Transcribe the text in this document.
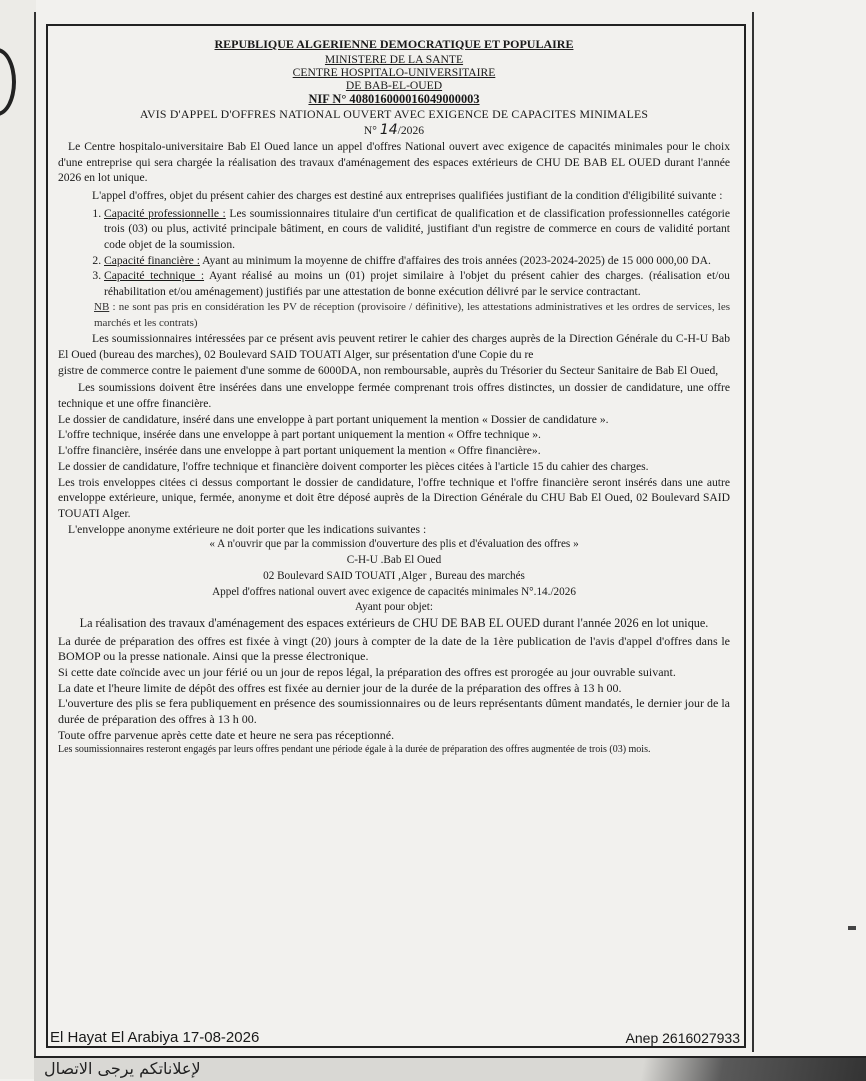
REPUBLIQUE ALGERIENNE DEMOCRATIQUE ET POPULAIRE

MINISTERE DE LA SANTE

CENTRE HOSPITALO-UNIVERSITAIRE

DE BAB-EL-OUED

NIF N° 408016000016049000003

AVIS D'APPEL D'OFFRES NATIONAL OUVERT AVEC EXIGENCE DE CAPACITES MINIMALES

N° 14/2026

Le Centre hospitalo-universitaire Bab El Oued lance un appel d'offres National ouvert avec exigence de capacités minimales pour le choix d'une entreprise qui sera chargée la réalisation des travaux d'aménagement des espaces extérieurs de CHU DE BAB EL OUED durant l'année 2026 en lot unique.

L'appel d'offres, objet du présent cahier des charges est destiné aux entreprises qualifiées justifiant de la condition d'éligibilité suivante :

1. Capacité professionnelle : Les soumissionnaires titulaire d'un certificat de qualification et de classification professionnelles catégorie trois (03) ou plus, activité principale bâtiment, en cours de validité, justifiant d'un registre de commerce en cours de validité portant code objet de la soumission.
2. Capacité financière : Ayant au minimum la moyenne de chiffre d'affaires des trois années (2023-2024-2025) de 15 000 000,00 DA.
3. Capacité technique : Ayant réalisé au moins un (01) projet similaire à l'objet du présent cahier des charges. (réalisation et/ou réhabilitation et/ou aménagement) justifiés par une attestation de bonne exécution délivré par le service contractant.

NB : ne sont pas pris en considération les PV de réception (provisoire / définitive), les attestations administratives et les ordres de services, les marchés et les contrats)

Les soumissionnaires intéressées par ce présent avis peuvent retirer le cahier des charges auprès de la Direction Générale du C-H-U Bab El Oued (bureau des marches), 02 Boulevard SAID TOUATI Alger, sur présentation d'une Copie du re

gistre de commerce contre le paiement d'une somme de 6000DA, non remboursable, auprès du Trésorier du Secteur Sanitaire de Bab El Oued,

Les soumissions doivent être insérées dans une enveloppe fermée comprenant trois offres distinctes, un dossier de candidature, une offre technique et une offre financière.

Le dossier de candidature, inséré dans une enveloppe à part portant uniquement la mention « Dossier de candidature ».

L'offre technique, insérée dans une enveloppe à part portant uniquement la mention « Offre technique ».

L'offre financière, insérée dans une enveloppe à part portant uniquement la mention « Offre financière».

Le dossier de candidature, l'offre technique et financière doivent comporter les pièces citées à l'article 15 du cahier des charges.

Les trois enveloppes citées ci dessus comportant le dossier de candidature, l'offre technique et l'offre financière seront insérés dans une autre enveloppe extérieure, unique, fermée, anonyme et doit être déposé auprès de la Direction Générale du CHU Bab El Oued, 02 Boulevard SAID TOUATI Alger.

L'enveloppe anonyme extérieure ne doit porter que les indications suivantes :

« A n'ouvrir que par la commission d'ouverture des plis et d'évaluation des offres »

C-H-U .Bab El Oued

02 Boulevard SAID TOUATI ,Alger , Bureau des marchés

Appel d'offres national ouvert avec exigence de capacités minimales N°.14./2026

Ayant pour objet:

La réalisation des travaux d'aménagement des espaces extérieurs de CHU DE BAB EL OUED durant l'année 2026 en lot unique.

La durée de préparation des offres est fixée à vingt (20) jours à compter de la date de la 1ère publication de l'avis d'appel d'offres dans le BOMOP ou la presse nationale. Ainsi que la presse électronique.

Si cette date coïncide avec un jour férié ou un jour de repos légal, la préparation des offres est prorogée au jour ouvrable suivant.

La date et l'heure limite de dépôt des offres est fixée au dernier jour de la durée de la préparation des offres à 13 h 00.

L'ouverture des plis se fera publiquement en présence des soumissionnaires ou de leurs représentants dûment mandatés, le dernier jour de la durée de préparation des offres à 13 h 00.

Toute offre parvenue après cette date et heure ne sera pas réceptionné.

Les soumissionnaires resteront engagés par leurs offres pendant une période égale à la durée de préparation des offres augmentée de trois (03) mois.

El Hayat El Arabiya 17-08-2026	Anep 2616027933
لإعلاناتكم يرجى الاتصال
